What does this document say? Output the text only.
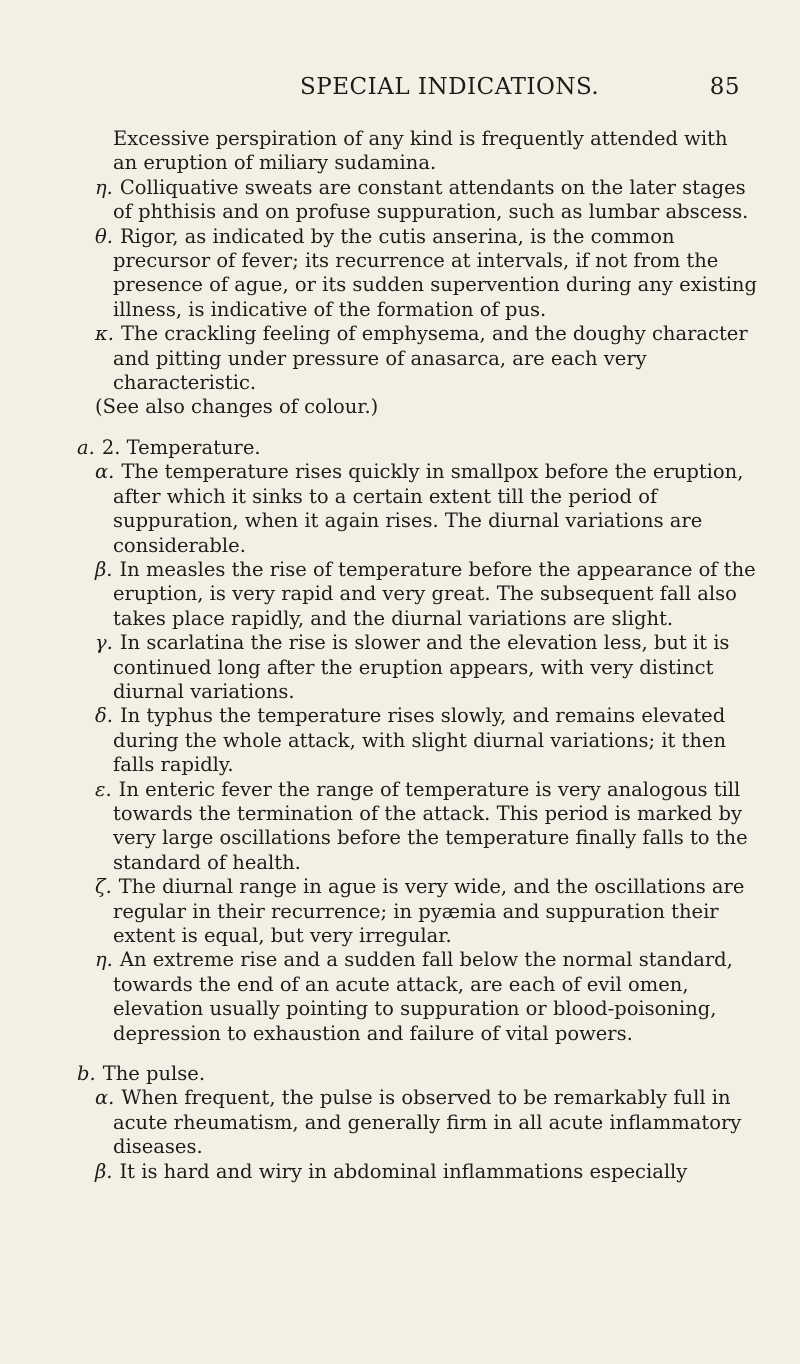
SPECIAL INDICATIONS.	85

Excessive perspiration of any kind is frequently attended with an eruption of miliary sudamina.

η. Colliquative sweats are constant attendants on the later stages of phthisis and on profuse suppuration, such as lumbar abscess.

θ. Rigor, as indicated by the cutis anserina, is the common precursor of fever; its recurrence at intervals, if not from the presence of ague, or its sudden supervention during any existing illness, is indicative of the formation of pus.

κ. The crackling feeling of emphysema, and the doughy character and pitting under pressure of anasarca, are each very characteristic.

(See also changes of colour.)

a. 2. Temperature.

α. The temperature rises quickly in smallpox before the eruption, after which it sinks to a certain extent till the period of suppuration, when it again rises. The diurnal variations are considerable.

β. In measles the rise of temperature before the appearance of the eruption, is very rapid and very great. The subsequent fall also takes place rapidly, and the diurnal variations are slight.

γ. In scarlatina the rise is slower and the elevation less, but it is continued long after the eruption appears, with very distinct diurnal variations.

δ. In typhus the temperature rises slowly, and remains elevated during the whole attack, with slight diurnal variations; it then falls rapidly.

ε. In enteric fever the range of temperature is very analogous till towards the termination of the attack. This period is marked by very large oscillations before the temperature finally falls to the standard of health.

ζ. The diurnal range in ague is very wide, and the oscillations are regular in their recurrence; in pyæmia and suppuration their extent is equal, but very irregular.

η. An extreme rise and a sudden fall below the normal standard, towards the end of an acute attack, are each of evil omen, elevation usually pointing to suppuration or blood-poisoning, depression to exhaustion and failure of vital powers.

b. The pulse.

α. When frequent, the pulse is observed to be remarkably full in acute rheumatism, and generally firm in all acute inflammatory diseases.

β. It is hard and wiry in abdominal inflammations especially
